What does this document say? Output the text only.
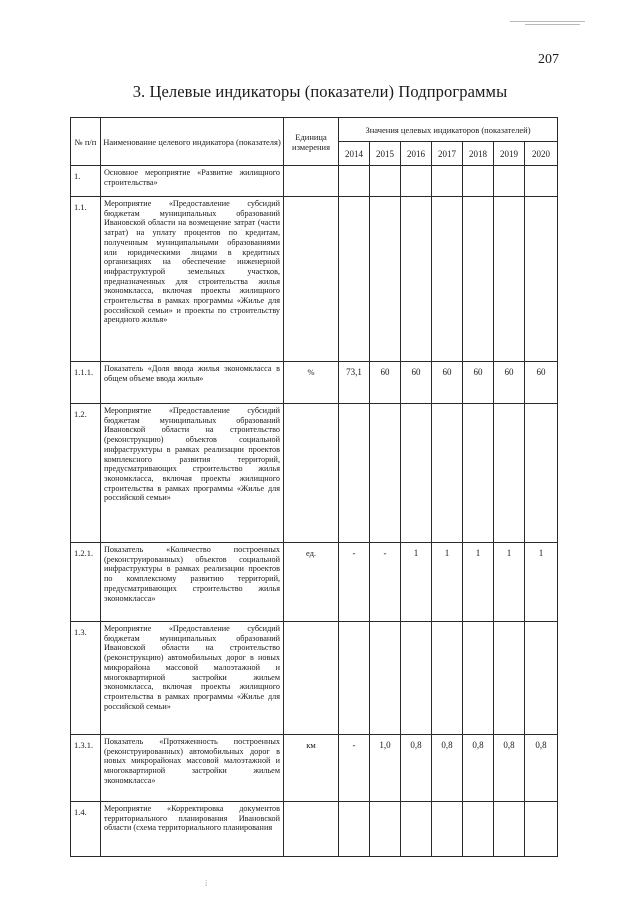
207
3. Целевые индикаторы (показатели) Подпрограммы
№ п/п	Наименование целевого индикатора (показателя)	Единица измерения	Значения целевых индикаторов (показателей)						
			2014	2015	2016	2017	2018	2019	2020
1.	Основное мероприятие «Развитие жилищного строительства»								
1.1.	Мероприятие «Предоставление субсидий бюджетам муниципальных образований Ивановской области на возмещение затрат (части затрат) на уплату процентов по кредитам, полученным муниципальными образованиями или юридическими лицами в кредитных организациях на обеспечение инженерной инфраструктурой земельных участков, предназначенных для строительства жилья экономкласса, включая проекты жилищного строительства в рамках программы «Жилье для российской семьи» и проекты по строительству арендного жилья»								
1.1.1.	Показатель «Доля ввода жилья экономкласса в общем объеме ввода жилья»	%	73,1	60	60	60	60	60	60
1.2.	Мероприятие «Предоставление субсидий бюджетам муниципальных образований Ивановской области на строительство (реконструкцию) объектов социальной инфраструктуры в рамках реализации проектов комплексного развития территорий, предусматривающих строительство жилья экономкласса, включая проекты жилищного строительства в рамках программы «Жилье для российской семьи»								
1.2.1.	Показатель «Количество построенных (реконструированных) объектов социальной инфраструктуры в рамках реализации проектов по комплексному развитию территорий, предусматривающих строительство жилья экономкласса»	ед.	-	-	1	1	1	1	1
1.3.	Мероприятие «Предоставление субсидий бюджетам муниципальных образований Ивановской области на строительство (реконструкцию) автомобильных дорог в новых микрорайона массовой малоэтажной и многоквартирной застройки жильем экономкласса, включая проекты жилищного строительства в рамках программы «Жилье для российской семьи»								
1.3.1.	Показатель «Протяженность построенных (реконструированных) автомобильных дорог в новых микрорайонах массовой малоэтажной и многоквартирной застройки жильем экономкласса»	км	-	1,0	0,8	0,8	0,8	0,8	0,8
1.4.	Мероприятие «Корректировка документов территориального планирования Ивановской области (схема территориального планирования								
⁞
